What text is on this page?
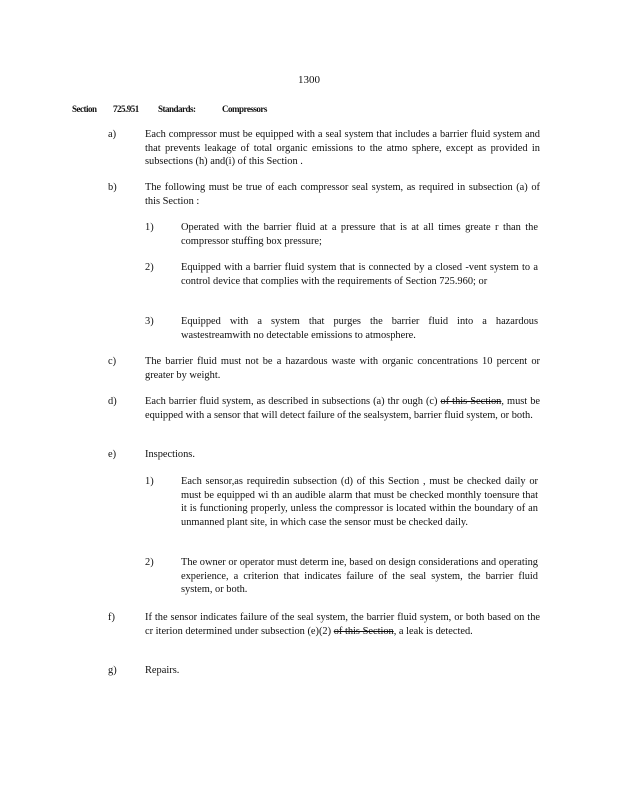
1300
Section 725.951 Standards:	Compressors
a)	Each compressor must be equipped with a seal system that includes a barrier fluid system and that prevents leakage of total organic emissions to the atmo sphere, except as provided in subsections (h) and(i) of this Section .
b)	The following must be true of each compressor seal system, as required in subsection (a) of this Section :
1)	Operated with the barrier fluid at a pressure that is at all times greate r than the compressor stuffing box pressure;
2)	Equipped with a barrier fluid system that is connected by a closed -vent system to a control device that complies with the requirements of Section 725.960; or
3)	Equipped with a system that purges the barrier fluid into a hazardous wastestreamwith no detectable emissions to atmosphere.
c)	The barrier fluid must not be a hazardous waste with organic concentrations 10 percent or greater by weight.
d)	Each barrier fluid system, as described in subsections (a) thr ough (c) of this Section, must be equipped with a sensor that will detect failure of the sealsystem, barrier fluid system, or both.
e)	Inspections.
1)	Each sensor,as requiredin subsection (d) of this Section , must be checked daily or must be equipped wi th an audible alarm that must be checked monthly toensure that it is functioning properly, unless the compressor is located within the boundary of an unmanned plant site, in which case the sensor must be checked daily.
2)	The owner or operator must determ ine, based on design considerations and operating experience, a criterion that indicates failure of the seal system, the barrier fluid system, or both.
f)	If the sensor indicates failure of the seal system, the barrier fluid system, or both based on the cr iterion determined under subsection (e)(2) of this Section, a leak is detected.
g)	Repairs.
